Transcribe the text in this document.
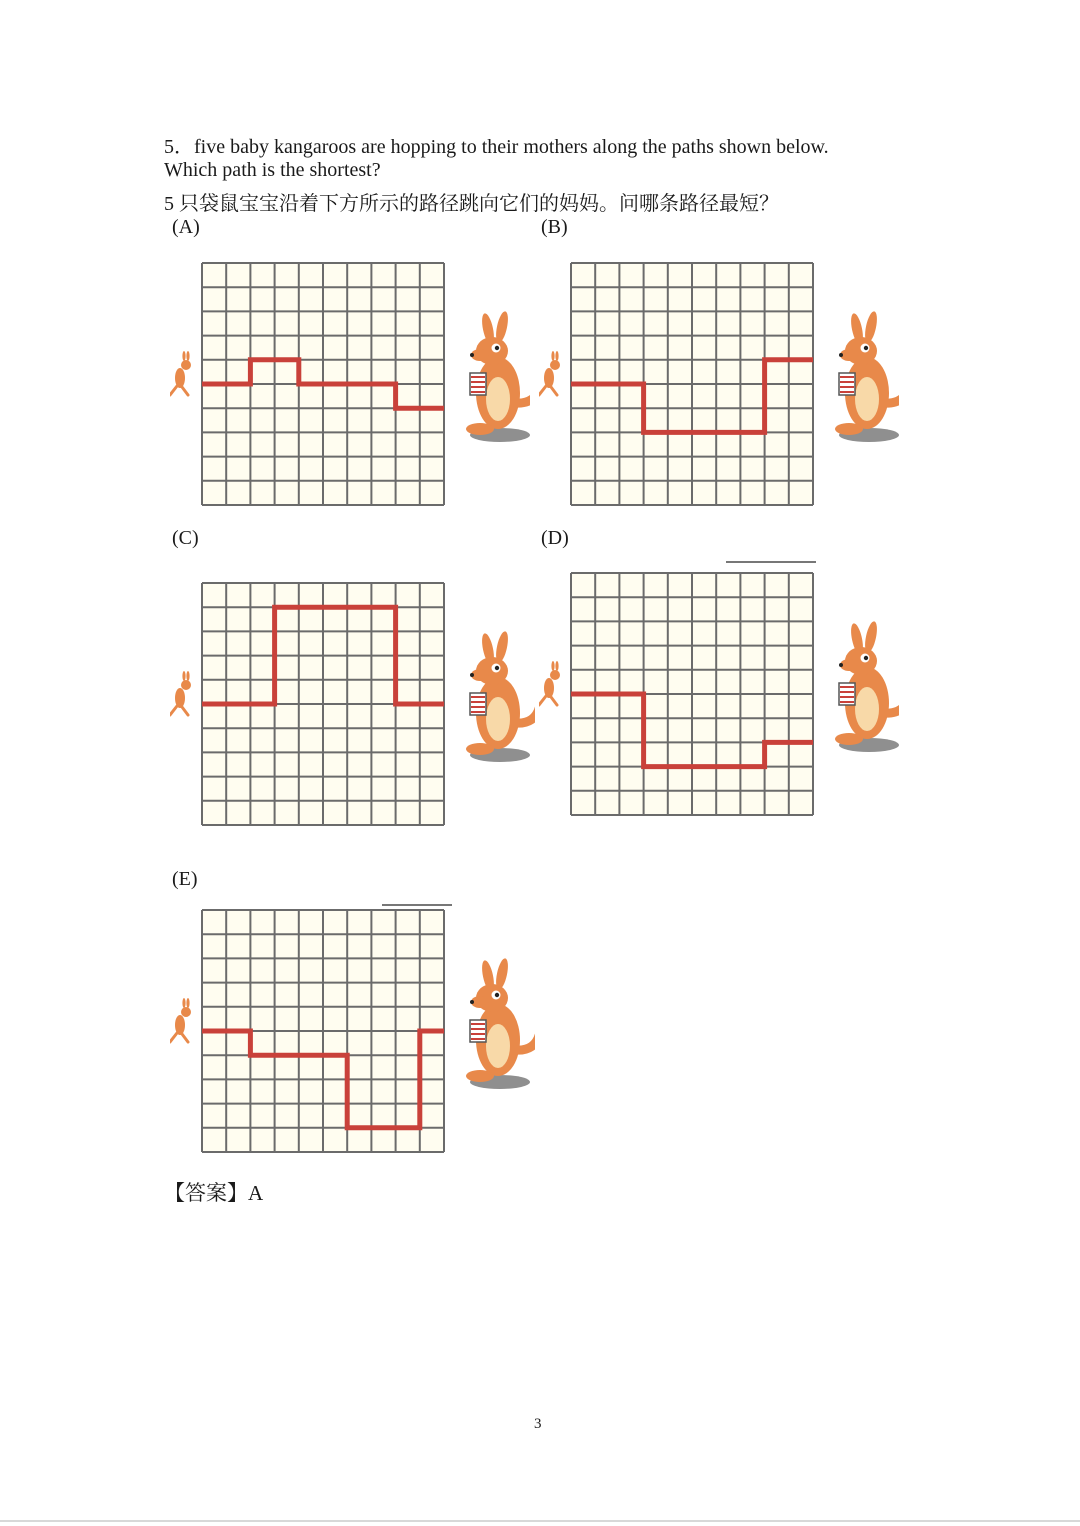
5．five baby kangaroos are hopping to their mothers along the paths shown below.
Which path is the shortest?
5 只袋鼠宝宝沿着下方所示的路径跳向它们的妈妈。问哪条路径最短？
(A)	(B)
(C)	(D)
(E)
【答案】A
3
